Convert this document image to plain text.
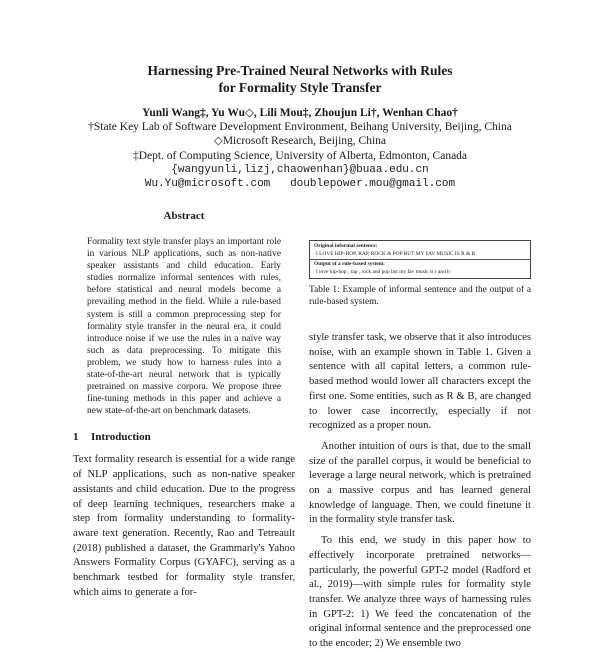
Harnessing Pre-Trained Neural Networks with Rules
for Formality Style Transfer
Yunli Wang‡, Yu Wu◇, Lili Mou‡, Zhoujun Li†, Wenhan Chao†
†State Key Lab of Software Development Environment, Beihang University, Beijing, China
◇Microsoft Research, Beijing, China
‡Dept. of Computing Science, University of Alberta, Edmonton, Canada
{wangyunli,lizj,chaowenhan}@buaa.edu.cn
Wu.Yu@microsoft.com   doublepower.mou@gmail.com
Abstract

Formality text style transfer plays an important role in various NLP applications, such as non-native speaker assistants and child education. Early studies normalize informal sentences with rules, before statistical and neural models become a prevailing method in the field. While a rule-based system is still a common preprocessing step for formality style transfer in the neural era, it could introduce noise if we use the rules in a naïve way such as data preprocessing. To mitigate this problem, we study how to harness rules into a state-of-the-art neural network that is typically pretrained on massive corpora. We propose three fine-tuning methods in this paper and achieve a new state-of-the-art on benchmark datasets.

1 Introduction

Text formality research is essential for a wide range of NLP applications, such as non-native speaker assistants and child education. Due to the progress of deep learning techniques, researchers make a step from formality understanding to formality-aware text generation. Recently, Rao and Tetreault (2018) published a dataset, the Grammarly's Yahoo Answers Formality Corpus (GYAFC), serving as a benchmark testbed for formality style transfer, which aims to generate a for-

Original informal sentence:
I LOVE HIP-HOP, RAP, ROCK & POP BUT MY FAV MUSIC IS R & B
Output of a rule-based system:
I love hip-hop , rap , rock and pop but my fav music is r and b
Table 1: Example of informal sentence and the output of a rule-based system.

style transfer task, we observe that it also introduces noise, with an example shown in Table 1. Given a sentence with all capital letters, a common rule-based method would lower all characters except the first one. Some entities, such as R & B, are changed to lower case incorrectly, especially if not recognized as a proper noun.

Another intuition of ours is that, due to the small size of the parallel corpus, it would be beneficial to leverage a large neural network, which is pretrained on a massive corpus and has learned general knowledge of language. Then, we could finetune it in the formality style transfer task.

To this end, we study in this paper how to effectively incorporate pretrained networks—particularly, the powerful GPT-2 model (Radford et al., 2019)—with simple rules for formality style transfer. We analyze three ways of harnessing rules in GPT-2: 1) We feed the concatenation of the original informal sentence and the preprocessed one to the encoder; 2) We ensemble two
